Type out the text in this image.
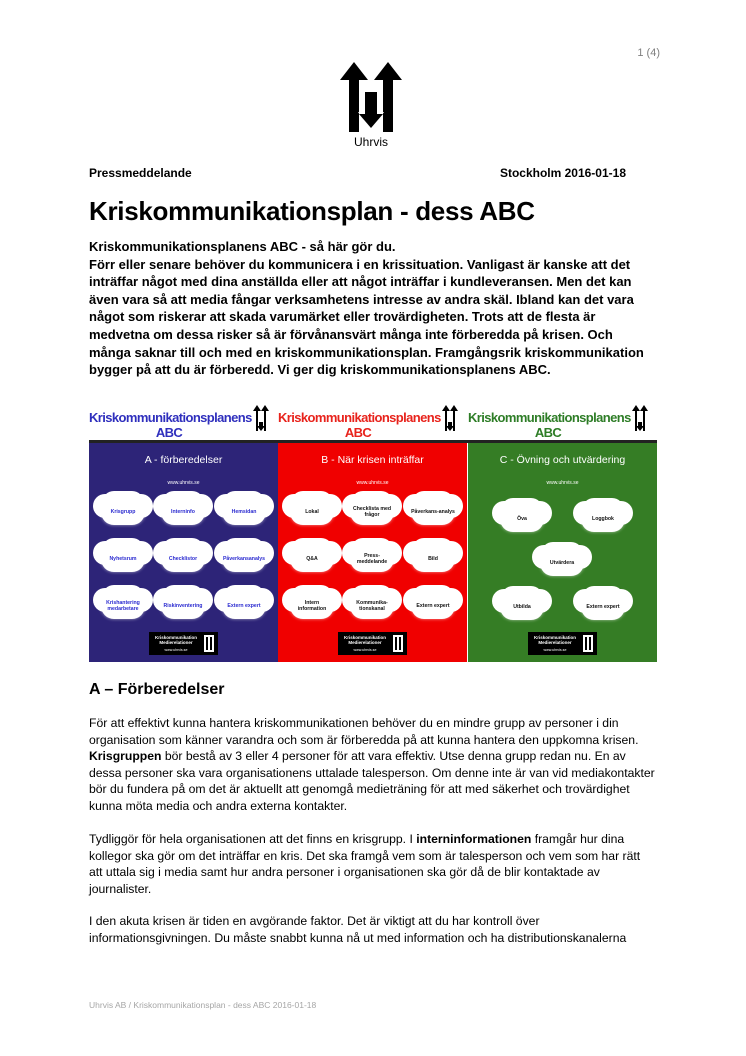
1 (4)
Uhrvis
Pressmeddelande	Stockholm 2016-01-18
Kriskommunikationsplan - dess ABC

Kriskommunikationsplanens ABC - så här gör du.

Förr eller senare behöver du kommunicera i en krissituation. Vanligast är kanske att det inträffar något med dina anställda eller att något inträffar i kundleveransen. Men det kan även vara så att media fångar verksamhetens intresse av andra skäl. Ibland kan det vara något som riskerar att skada varumärket eller trovärdigheten. Trots att de flesta är medvetna om dessa risker så är förvånansvärt många inte förberedda på krisen. Och många saknar till och med en kriskommunikationsplan. Framgångsrik kriskommunikation bygger på att du är förberedd. Vi ger dig kriskommunikationsplanens ABC.

Kriskommunikationsplanens ABC
A - förberedelser
www.uhrvis.se
Krisgrupp	Interninfo	Hemsidan
Nyhetsrum	Checklistor	Påverkansanalys
Krishantering medarbetare	Riskinventering	Extern expert
Kriskommunikation
Medierelationer
www.uhrvis.se
Kriskommunikationsplanens ABC
B - När krisen inträffar
www.uhrvis.se
Lokal	Checklista med frågor	Påverkans-analys
Q&A	Press-meddelande	Bild
Intern information
Kommunika-tionskanal	Extern expert
Kriskommunikation
Medierelationer
www.uhrvis.se
Kriskommunikationsplanens ABC
C - Övning och utvärdering
www.uhrvis.se
Öva	Loggbok
Utvärdera
Utbilda	Extern expert
Kriskommunikation
Medierelationer
www.uhrvis.se
A – Förberedelser

För att effektivt kunna hantera kriskommunikationen behöver du en mindre grupp av personer i din organisation som känner varandra och som är förberedda på att kunna hantera den uppkomna krisen. Krisgruppen bör bestå av 3 eller 4 personer för att vara effektiv. Utse denna grupp redan nu. En av dessa personer ska vara organisationens uttalade talesperson. Om denne inte är van vid mediakontakter bör du fundera på om det är aktuellt att genomgå medieträning för att med säkerhet och trovärdighet kunna möta media och andra externa kontakter.

Tydliggör för hela organisationen att det finns en krisgrupp. I interninformationen framgår hur dina kollegor ska gör om det inträffar en kris. Det ska framgå vem som är talesperson och vem som har rätt att uttala sig i media samt hur andra personer i organisationen ska gör då de blir kontaktade av journalister.

I den akuta krisen är tiden en avgörande faktor. Det är viktigt att du har kontroll över informationsgivningen. Du måste snabbt kunna nå ut med information och ha distributionskanalerna

Uhrvis AB / Kriskommunikationsplan - dess ABC 2016-01-18
